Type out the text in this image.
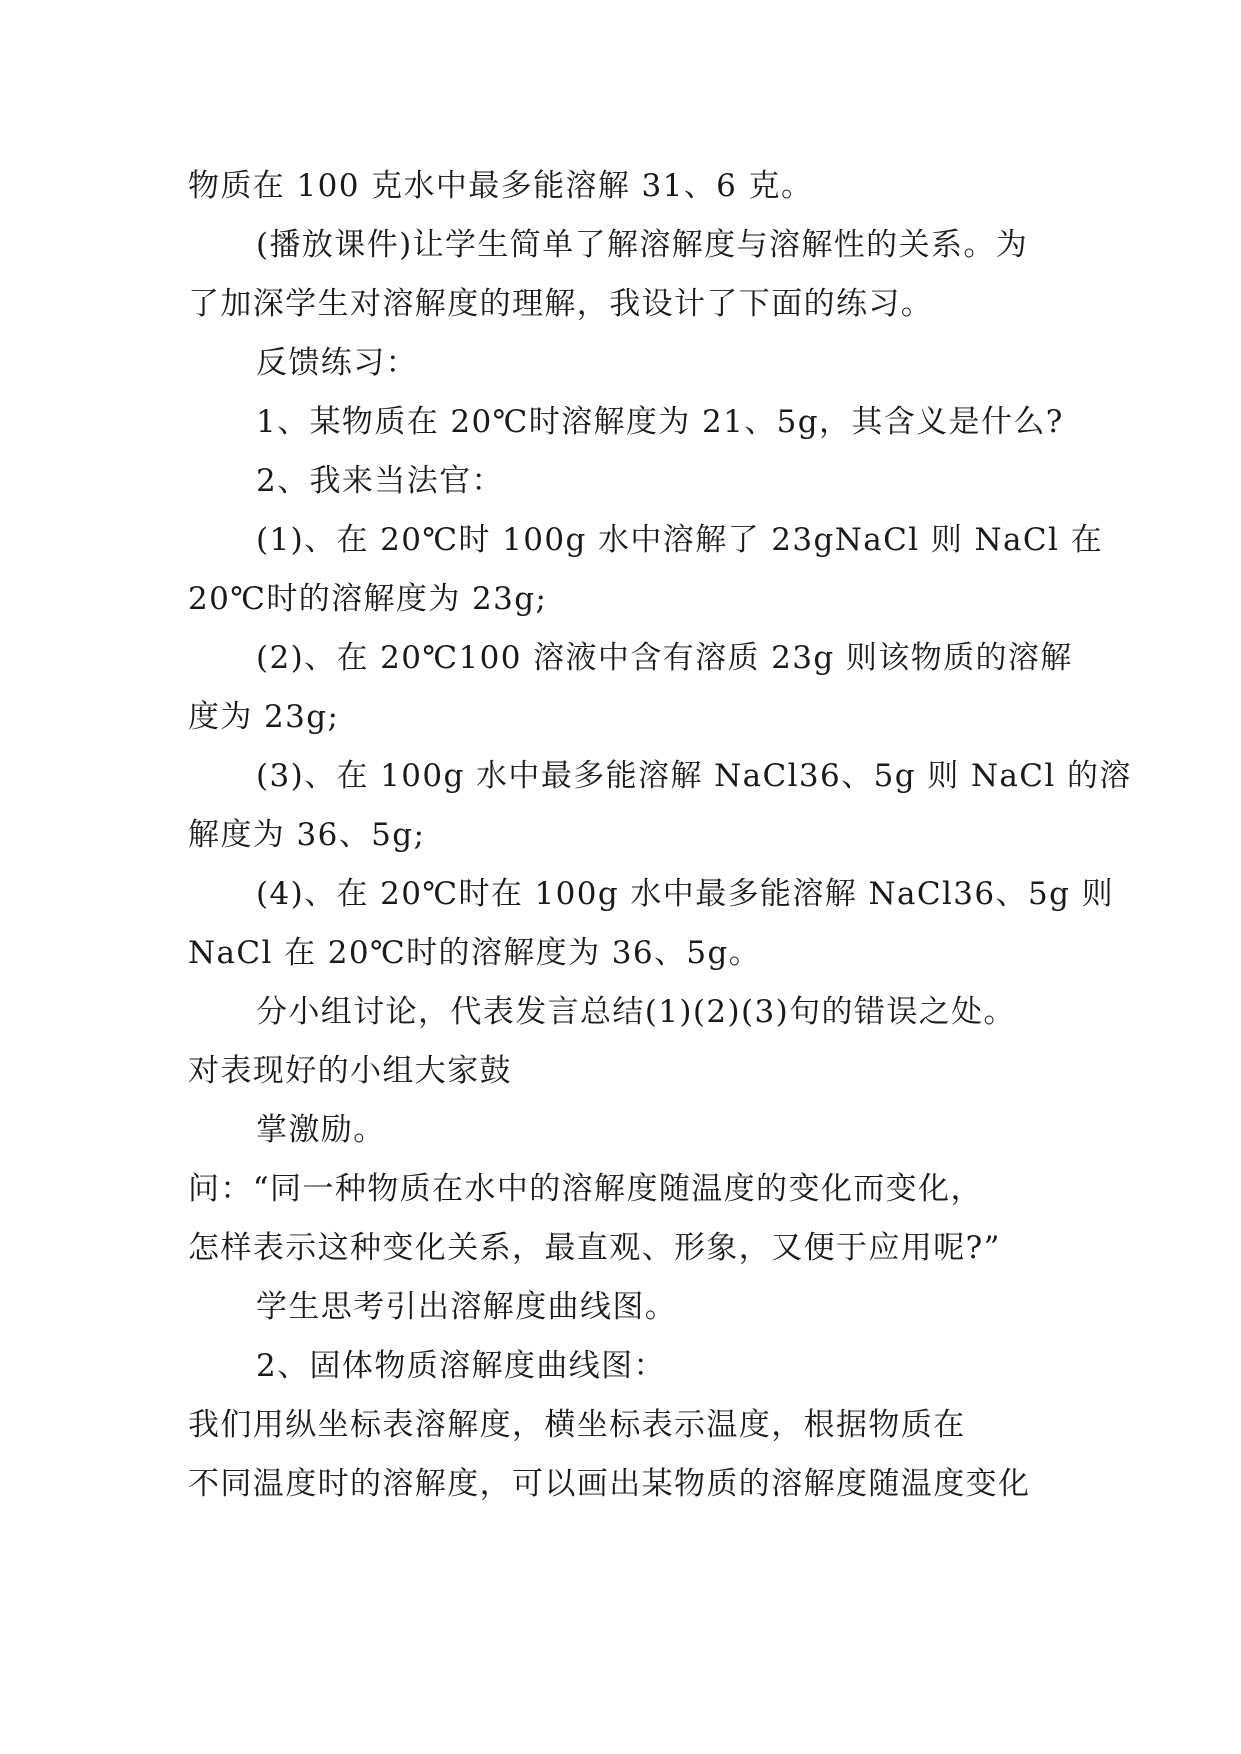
物质在 100 克水中最多能溶解 31、6 克。
(播放课件)让学生简单了解溶解度与溶解性的关系。为
了加深学生对溶解度的理解，我设计了下面的练习。
反馈练习：
1、某物质在 20℃时溶解度为 21、5g，其含义是什么?
2、我来当法官：
(1)、在 20℃时 100g 水中溶解了 23gNaCl 则 NaCl 在
20℃时的溶解度为 23g;
(2)、在 20℃100 溶液中含有溶质 23g 则该物质的溶解
度为 23g;
(3)、在 100g 水中最多能溶解 NaCl36、5g 则 NaCl 的溶
解度为 36、5g;
(4)、在 20℃时在 100g 水中最多能溶解 NaCl36、5g 则
NaCl 在 20℃时的溶解度为 36、5g。
分小组讨论，代表发言总结(1)(2)(3)句的错误之处。
对表现好的小组大家鼓
掌激励。
问：“同一种物质在水中的溶解度随温度的变化而变化，
怎样表示这种变化关系，最直观、形象，又便于应用呢?”
学生思考引出溶解度曲线图。
2、固体物质溶解度曲线图：
我们用纵坐标表溶解度，横坐标表示温度，根据物质在
不同温度时的溶解度，可以画出某物质的溶解度随温度变化
